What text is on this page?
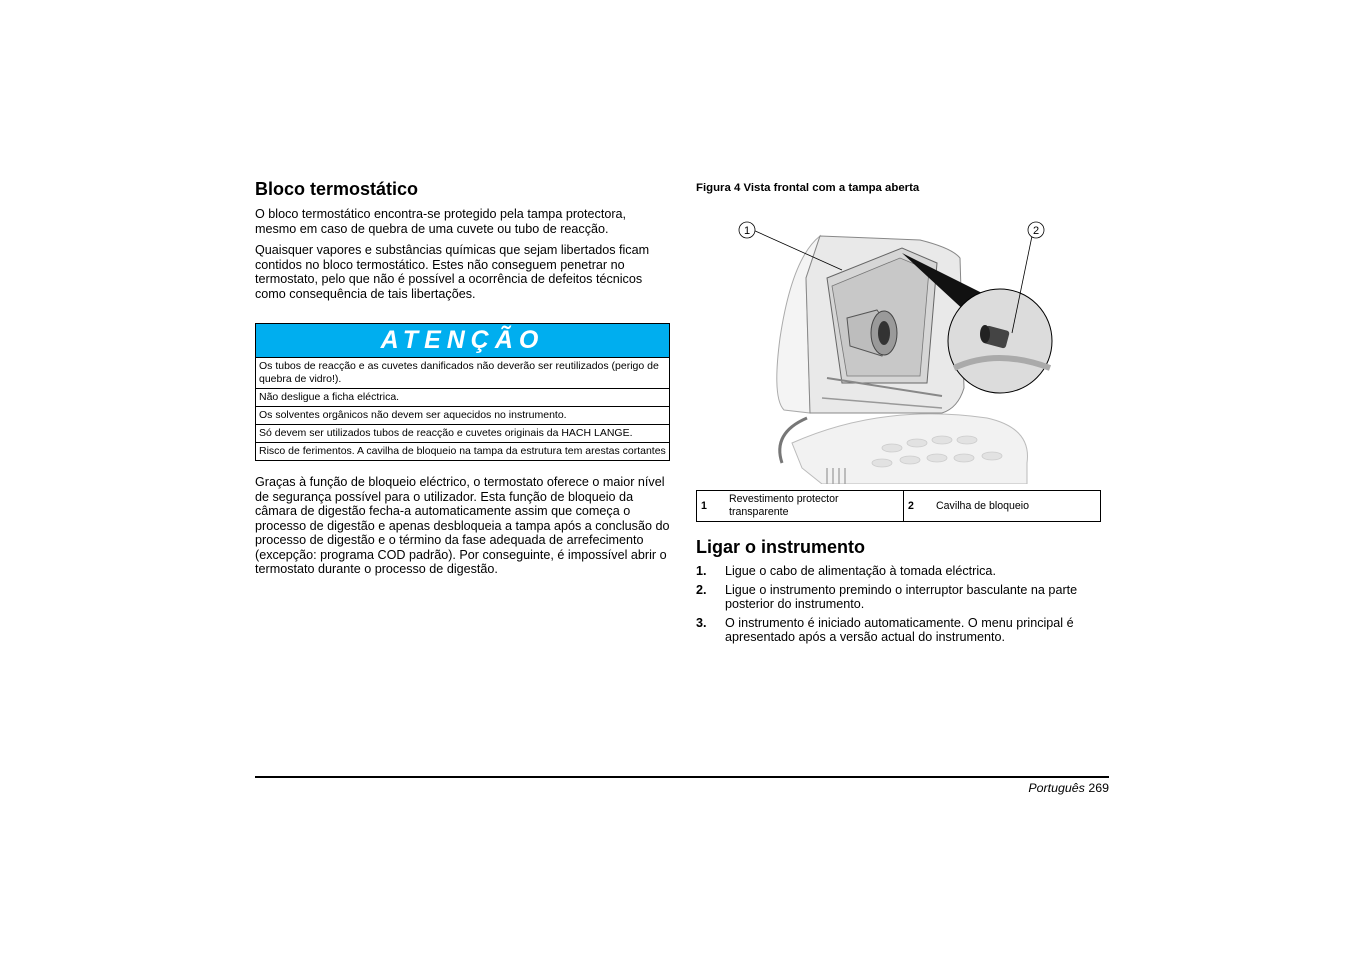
Bloco termostático

O bloco termostático encontra-se protegido pela tampa protectora, mesmo em caso de quebra de uma cuvete ou tubo de reacção.

Quaisquer vapores e substâncias químicas que sejam libertados ficam contidos no bloco termostático. Estes não conseguem penetrar no termostato, pelo que não é possível a ocorrência de defeitos técnicos como consequência de tais libertações.

ATENÇÃO
Os tubos de reacção e as cuvetes danificados não deverão ser reutilizados (perigo de quebra de vidro!).
Não desligue a ficha eléctrica.
Os solventes orgânicos não devem ser aquecidos no instrumento.
Só devem ser utilizados tubos de reacção e cuvetes originais da HACH LANGE.
Risco de ferimentos. A cavilha de bloqueio na tampa da estrutura tem arestas cortantes

Graças à função de bloqueio eléctrico, o termostato oferece o maior nível de segurança possível para o utilizador. Esta função de bloqueio da câmara de digestão fecha-a automaticamente assim que começa o processo de digestão e apenas desbloqueia a tampa após a conclusão do processo de digestão e o término da fase adequada de arrefecimento (excepção: programa COD padrão). Por conseguinte, é impossível abrir o termostato durante o processo de digestão.

Figura 4 Vista frontal com a tampa aberta

1	2
1	Revestimento protector transparente	2	Cavilha de bloqueio
Ligar o instrumento
1.	Ligue o cabo de alimentação à tomada eléctrica.
2.	Ligue o instrumento premindo o interruptor basculante na parte posterior do instrumento.
3.	O instrumento é iniciado automaticamente. O menu principal é apresentado após a versão actual do instrumento.
Português 269
